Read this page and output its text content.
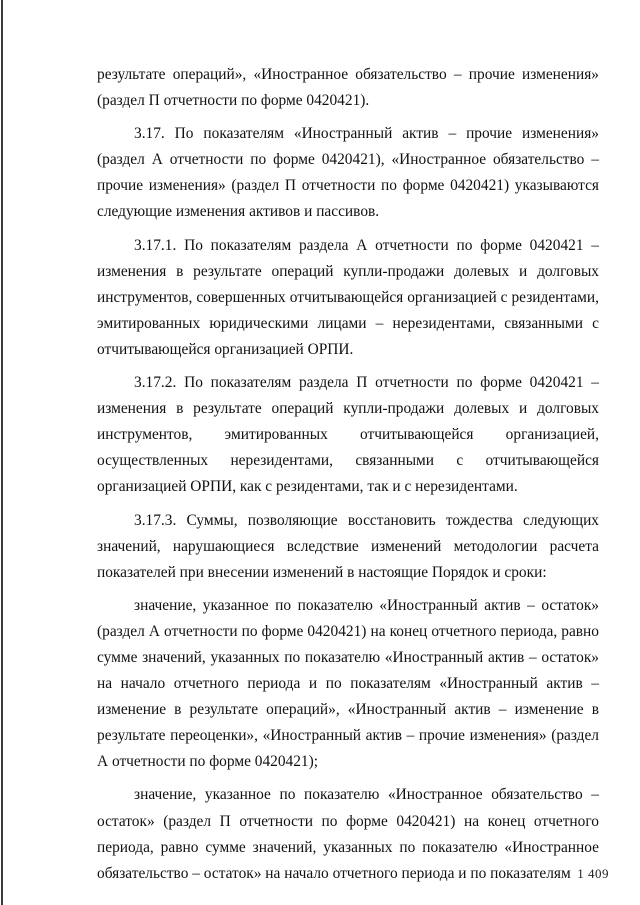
результате операций», «Иностранное обязательство – прочие изменения» (раздел П отчетности по форме 0420421).

3.17. По показателям «Иностранный актив – прочие изменения» (раздел А отчетности по форме 0420421), «Иностранное обязательство – прочие изменения» (раздел П отчетности по форме 0420421) указываются следующие изменения активов и пассивов.

3.17.1. По показателям раздела А отчетности по форме 0420421 – изменения в результате операций купли-продажи долевых и долговых инструментов, совершенных отчитывающейся организацией с резидентами, эмитированных юридическими лицами – нерезидентами, связанными с отчитывающейся организацией ОРПИ.

3.17.2. По показателям раздела П отчетности по форме 0420421 – изменения в результате операций купли-продажи долевых и долговых инструментов, эмитированных отчитывающейся организацией, осуществленных нерезидентами, связанными с отчитывающейся организацией ОРПИ, как с резидентами, так и с нерезидентами.

3.17.3. Суммы, позволяющие восстановить тождества следующих значений, нарушающиеся вследствие изменений методологии расчета показателей при внесении изменений в настоящие Порядок и сроки:

значение, указанное по показателю «Иностранный актив – остаток» (раздел А отчетности по форме 0420421) на конец отчетного периода, равно сумме значений, указанных по показателю «Иностранный актив – остаток» на начало отчетного периода и по показателям «Иностранный актив – изменение в результате операций», «Иностранный актив – изменение в результате переоценки», «Иностранный актив – прочие изменения» (раздел А отчетности по форме 0420421);

значение, указанное по показателю «Иностранное обязательство – остаток» (раздел П отчетности по форме 0420421) на конец отчетного периода, равно сумме значений, указанных по показателю «Иностранное обязательство – остаток» на начало отчетного периода и по показателям 1 409
